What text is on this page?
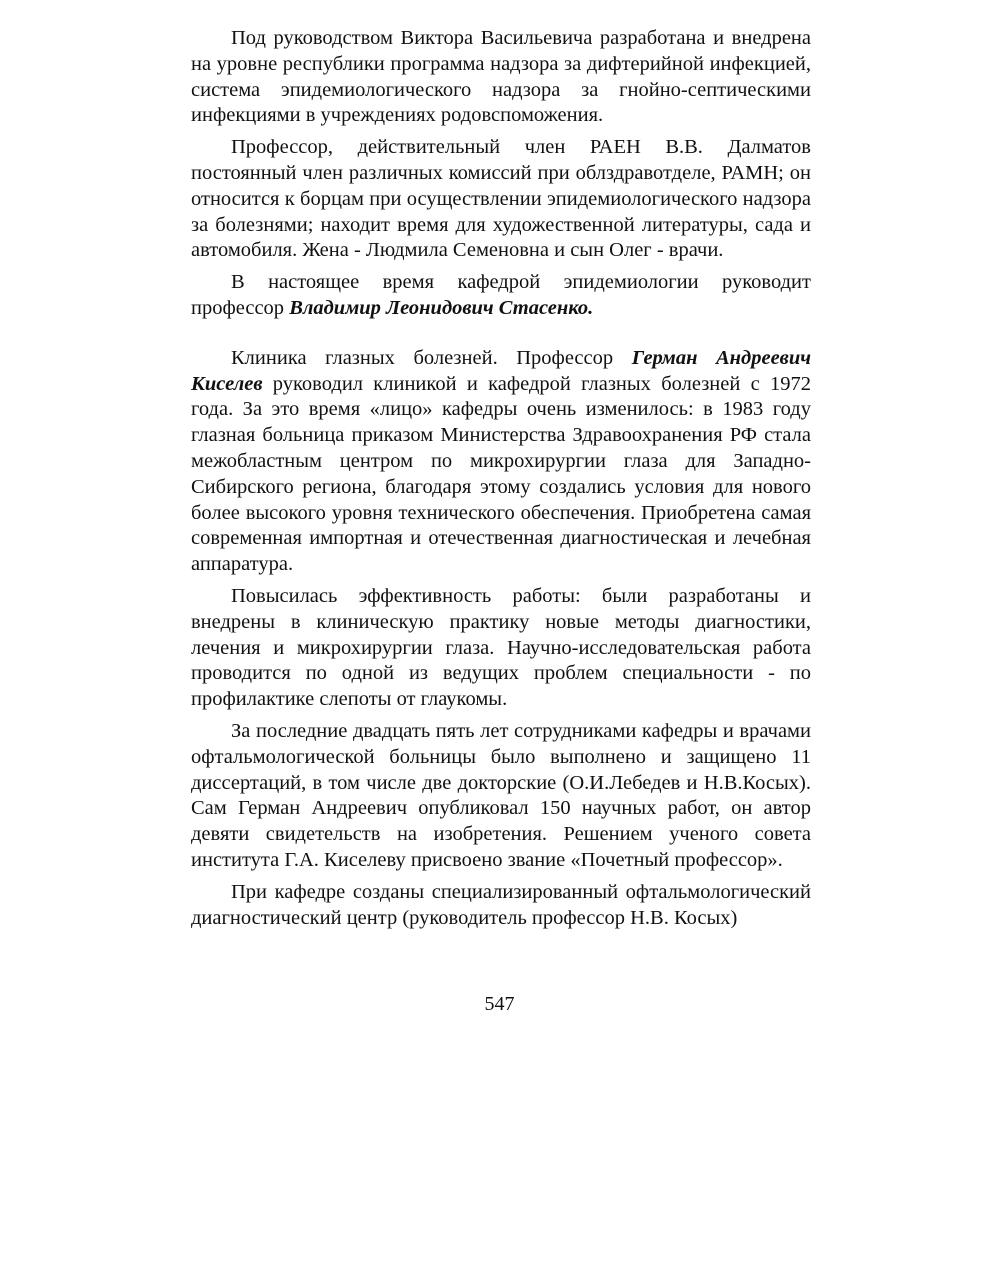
Под руководством Виктора Васильевича разработана и внедрена на уровне республики программа надзора за дифтерийной инфекцией, система эпидемиологического надзора за гнойно-септическими инфекциями в учреждениях родовспоможения.

Профессор, действительный член РАЕН В.В. Далматов постоянный член различных комиссий при облздравотделе, РАМН; он относится к борцам при осуществлении эпидемиологического надзора за болезнями; находит время для художественной литературы, сада и автомобиля. Жена - Людмила Семеновна и сын Олег - врачи.

В настоящее время кафедрой эпидемиологии руководит профессор Владимир Леонидович Стасенко.

Клиника глазных болезней. Профессор Герман Андреевич Киселев руководил клиникой и кафедрой глазных болезней с 1972 года. За это время «лицо» кафедры очень изменилось: в 1983 году глазная больница приказом Министерства Здравоохранения РФ стала межобластным центром по микрохирургии глаза для Западно-Сибирского региона, благодаря этому создались условия для нового более высокого уровня технического обеспечения. Приобретена самая современная импортная и отечественная диагностическая и лечебная аппаратура.

Повысилась эффективность работы: были разработаны и внедрены в клиническую практику новые методы диагностики, лечения и микрохирургии глаза. Научно-исследовательская работа проводится по одной из ведущих проблем специальности - по профилактике слепоты от глаукомы.

За последние двадцать пять лет сотрудниками кафедры и врачами офтальмологической больницы было выполнено и защищено 11 диссертаций, в том числе две докторские (О.И.Лебедев и Н.В.Косых). Сам Герман Андреевич опубликовал 150 научных работ, он автор девяти свидетельств на изобретения. Решением ученого совета института Г.А. Киселеву присвоено звание «Почетный профессор».

При кафедре созданы специализированный офтальмологический диагностический центр (руководитель профессор Н.В. Косых)

547
